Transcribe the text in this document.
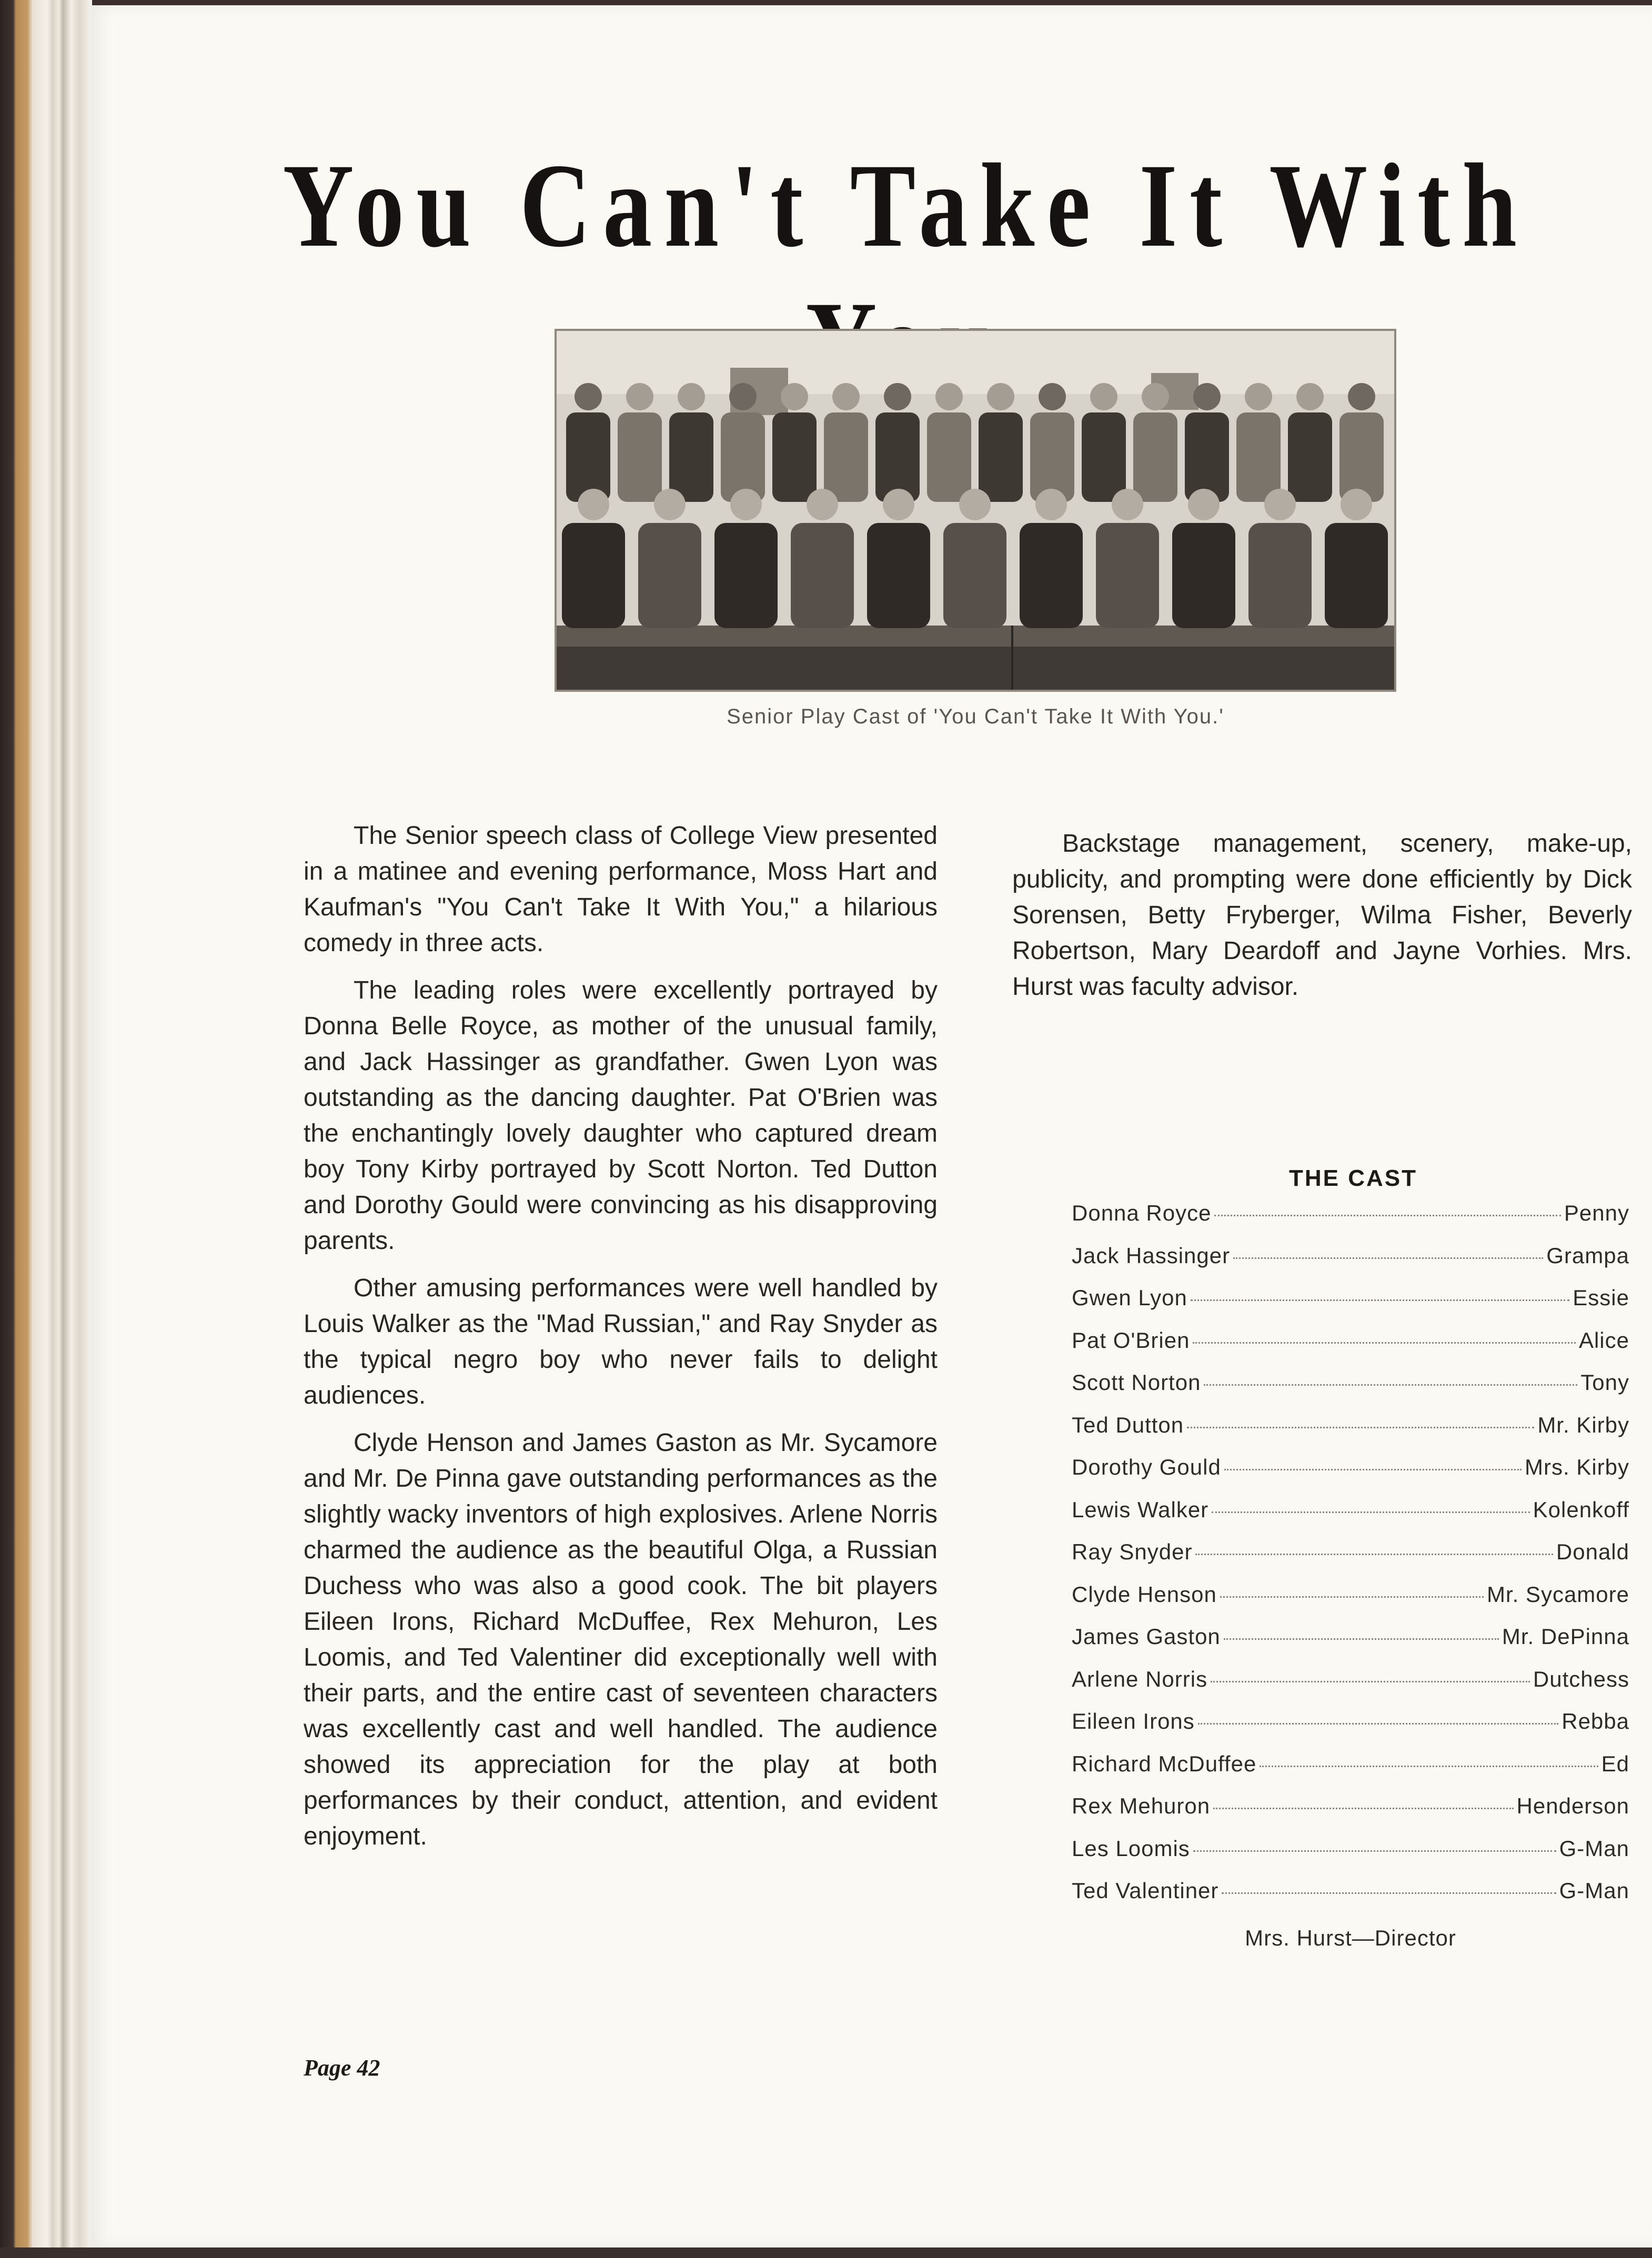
You Can't Take It With
Senior Play Cast of 'You Can't Take It With You.'

The Senior speech class of College View presented in a matinee and evening performance, Moss Hart and Kaufman's "You Can't Take It With You," a hilarious comedy in three acts.

The leading roles were excellently portrayed by Donna Belle Royce, as mother of the unusual family, and Jack Hassinger as grandfather. Gwen Lyon was outstanding as the dancing daughter. Pat O'Brien was the enchantingly lovely daughter who captured dream boy Tony Kirby portrayed by Scott Norton. Ted Dutton and Dorothy Gould were convincing as his disapproving parents.

Other amusing performances were well handled by Louis Walker as the "Mad Russian," and Ray Snyder as the typical negro boy who never fails to delight audiences.

Clyde Henson and James Gaston as Mr. Sycamore and Mr. De Pinna gave outstanding performances as the slightly wacky inventors of high explosives. Arlene Norris charmed the audience as the beautiful Olga, a Russian Duchess who was also a good cook. The bit players Eileen Irons, Richard McDuffee, Rex Mehuron, Les Loomis, and Ted Valentiner did exceptionally well with their parts, and the entire cast of seventeen characters was excellently cast and well handled. The audience showed its appreciation for the play at both performances by their conduct, attention, and evident enjoyment.

Backstage management, scenery, make-up, publicity, and prompting were done efficiently by Dick Sorensen, Betty Fryberger, Wilma Fisher, Beverly Robertson, Mary Deardoff and Jayne Vorhies. Mrs. Hurst was faculty advisor.

THE CAST
Donna Royce	Penny
Jack Hassinger	Grampa
Gwen Lyon	Essie
Pat O'Brien	Alice
Scott Norton	Tony
Ted Dutton	Mr. Kirby
Dorothy Gould	Mrs. Kirby
Lewis Walker	Kolenkoff
Ray Snyder	Donald
Clyde Henson	Mr. Sycamore
James Gaston	Mr. DePinna
Arlene Norris	Dutchess
Eileen Irons	Rebba
Richard McDuffee	Ed
Rex Mehuron	Henderson
Les Loomis	G-Man
Ted Valentiner	G-Man
Mrs. Hurst—Director
Page 42
